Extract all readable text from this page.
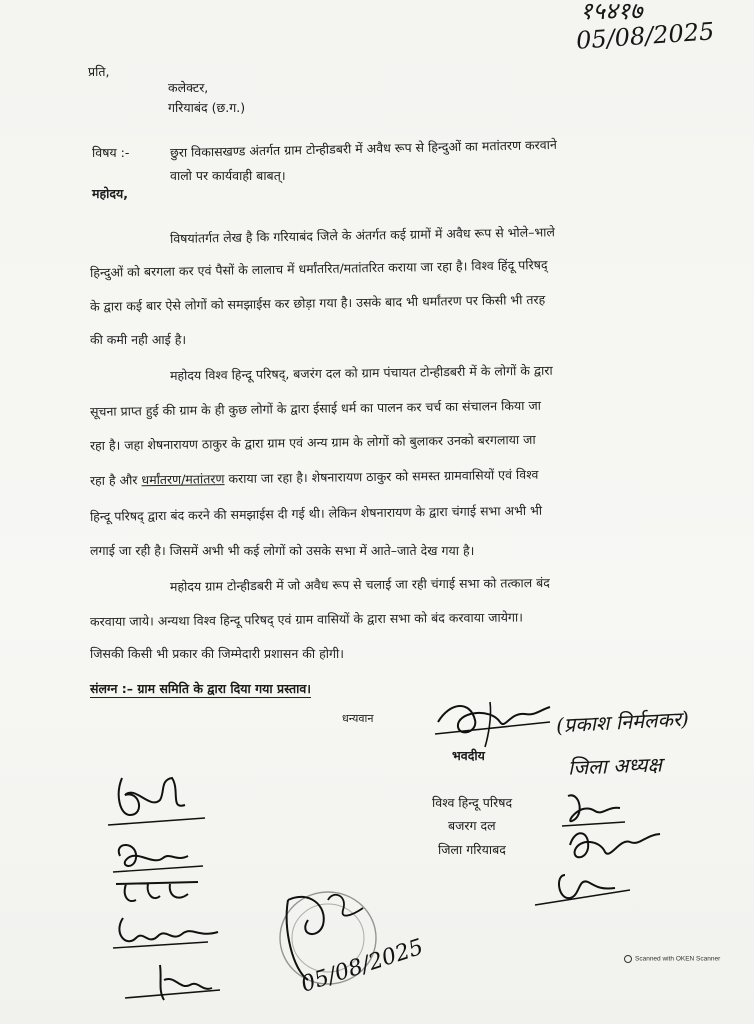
१५४१७
05/08/2025
प्रति,
कलेक्टर,
गरियाबंद (छ.ग.)
विषय :-	छुरा विकासखण्ड अंतर्गत ग्राम टोन्हीडबरी में अवैध रूप से हिन्दुओं का मतांतरण करवाने
वालो पर कार्यवाही बाबत्।
महोदय,
विषयांतर्गत लेख है कि गरियाबंद जिले के अंतर्गत कई ग्रामों में अवैध रूप से भोले–भाले
हिन्दुओं को बरगला कर एवं पैसों के लालाच में धर्मांतरित/मतांतरित कराया जा रहा है। विश्व हिंदू परिषद्
के द्वारा कई बार ऐसे लोगों को समझाईस कर छोड़ा गया है। उसके बाद भी धर्मांतरण पर किसी भी तरह
की कमी नही आई है।
महोदय विश्व हिन्दू परिषद्, बजरंग दल को ग्राम पंचायत टोन्हीडबरी में के लोगों के द्वारा
सूचना प्राप्त हुई की ग्राम के ही कुछ लोगों के द्वारा ईसाई धर्म का पालन कर चर्च का संचालन किया जा
रहा है। जहा शेषनारायण ठाकुर के द्वारा ग्राम एवं अन्य ग्राम के लोगों को बुलाकर उनको बरगलाया जा
रहा है और धर्मांतरण/मतांतरण कराया जा रहा है। शेषनारायण ठाकुर को समस्त ग्रामवासियों एवं विश्व
हिन्दू परिषद् द्वारा बंद करने की समझाईस दी गई थी। लेकिन शेषनारायण के द्वारा चंगाई सभा अभी भी
लगाई जा रही है। जिसमें अभी भी कई लोगों को उसके सभा में आते–जाते देख गया है।
महोदय ग्राम टोन्हीडबरी में जो अवैध रूप से चलाई जा रही चंगाई सभा को तत्काल बंद
करवाया जाये। अन्यथा विश्व हिन्दू परिषद् एवं ग्राम वासियों के द्वारा सभा को बंद करवाया जायेगा।
जिसकी किसी भी प्रकार की जिम्मेदारी प्रशासन की होगी।
संलग्न :– ग्राम समिति के द्वारा दिया गया प्रस्ताव।
धन्यवान
भवदीय
विश्व हिन्दू परिषद
बजरग दल
जिला गरियाबद
(प्रकाश निर्मलकर)
जिला अध्यक्ष
05/08/2025	Scanned with OKEN Scanner
